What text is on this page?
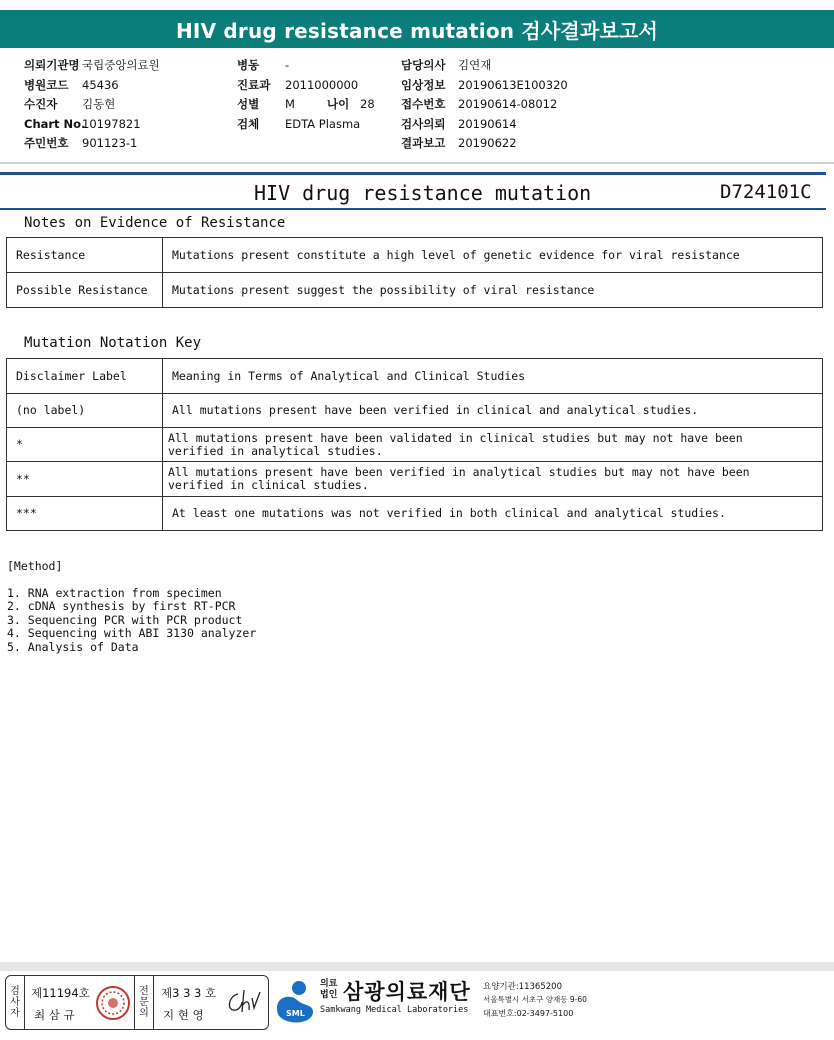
HIV drug resistance mutation 검사결과보고서
의뢰기관명 국립중앙의료원
병원코드 45436
수진자 김동현
Chart No.10197821
주민번호 901123-1
병동 -
진료과 2011000000
성별 M	나이 28
검체 EDTA Plasma
담당의사 김연재
임상정보 20190613E100320
접수번호 20190614-08012
검사의뢰 20190614
결과보고 20190622
HIV drug resistance mutation	D724101C
Notes on Evidence of Resistance
Resistance	Mutations present constitute a high level of genetic evidence for viral resistance
Possible Resistance	Mutations present suggest the possibility of viral resistance
Mutation Notation Key
Disclaimer Label	Meaning in Terms of Analytical and Clinical Studies
(no label)	All mutations present have been verified in clinical and analytical studies.
*	All mutations present have been validated in clinical studies but may not have been verified in analytical studies.
**	All mutations present have been verified in analytical studies but may not have been verified in clinical studies.
***	At least one mutations was not verified in both clinical and analytical studies.
[Method]
1. RNA extraction from specimen
2. cDNA synthesis by first RT-PCR
3. Sequencing PCR with PCR product
4. Sequencing with ABI 3130 analyzer
5. Analysis of Data
검
사
자
제11194호
최 삼 규
전
문
의
제3 3 3 호
지 현 영	SML
의료법인 삼광의료재단
Samkwang Medical Laboratories
요양기관:11365200
서울특별시 서초구 양재동 9-60
대표번호:02-3497-5100
